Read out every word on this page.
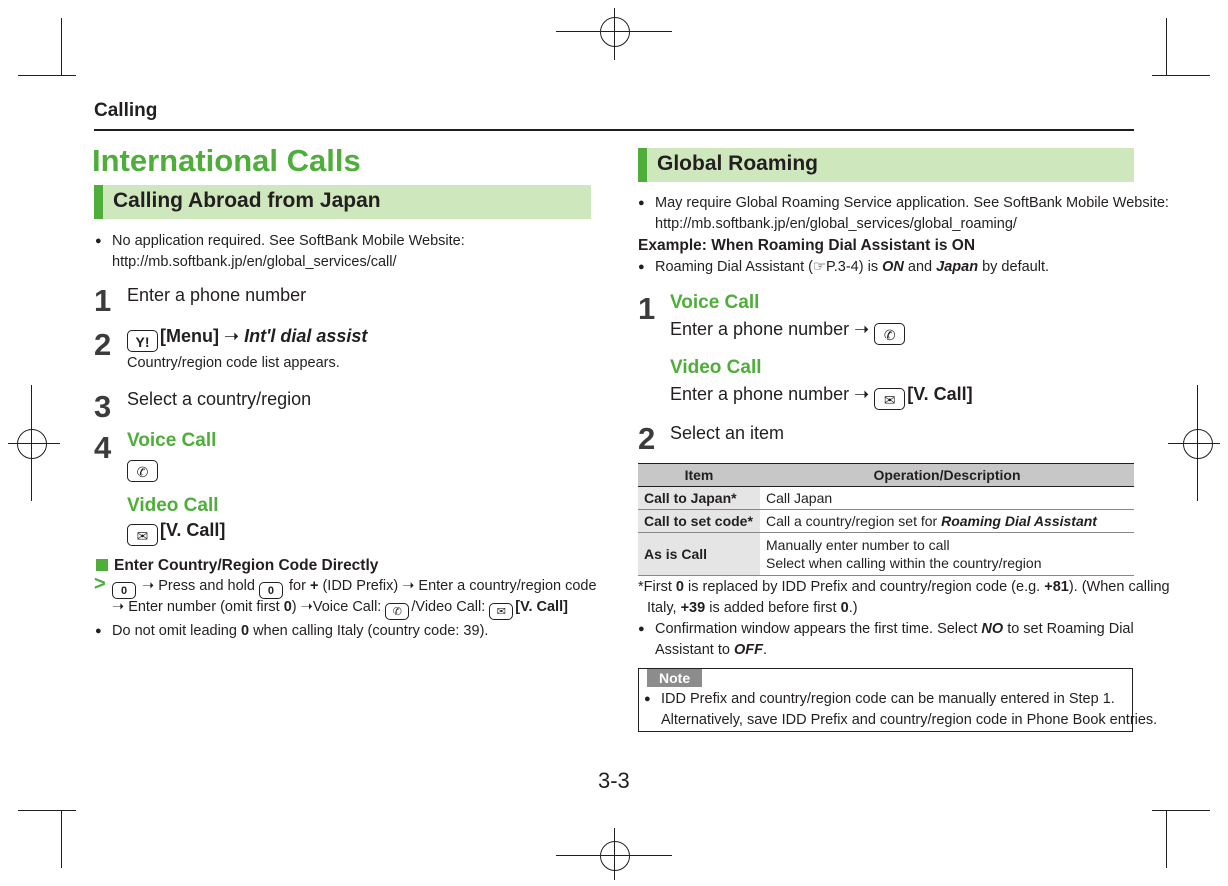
Calling
International Calls
Calling Abroad from Japan
● No application required. See SoftBank Mobile Website:
http://mb.softbank.jp/en/global_services/call/
1 Enter a phone number
2	Y! [Menu] ➝ Int'l dial assist
Country/region code list appears.
3 Select a country/region
4 Voice Call
✆
Video Call
✉ [V. Call]
Enter Country/Region Code Directly
>	0 ➝ Press and hold 0 for + (IDD Prefix) ➝ Enter a country/region code
➝ Enter number (omit first 0) ➝Voice Call: ✆ /Video Call: ✉ [V. Call]
● Do not omit leading 0 when calling Italy (country code: 39).
Global Roaming
● May require Global Roaming Service application. See SoftBank Mobile Website:
http://mb.softbank.jp/en/global_services/global_roaming/
Example: When Roaming Dial Assistant is ON
● Roaming Dial Assistant (☞P.3-4) is ON and Japan by default.
1 Voice Call
Enter a phone number ➝ ✆
Video Call
Enter a phone number ➝ ✉ [V. Call]
2 Select an item
Item	Operation/Description
Call to Japan*	Call Japan
Call to set code*	Call a country/region set for Roaming Dial Assistant
As is Call	Manually enter number to call
Select when calling within the country/region
*First 0 is replaced by IDD Prefix and country/region code (e.g. +81). (When calling
Italy, +39 is added before first 0.)
● Confirmation window appears the first time. Select NO to set Roaming Dial
Assistant to OFF.
Note
● IDD Prefix and country/region code can be manually entered in Step 1.
Alternatively, save IDD Prefix and country/region code in Phone Book entries.
3-3
